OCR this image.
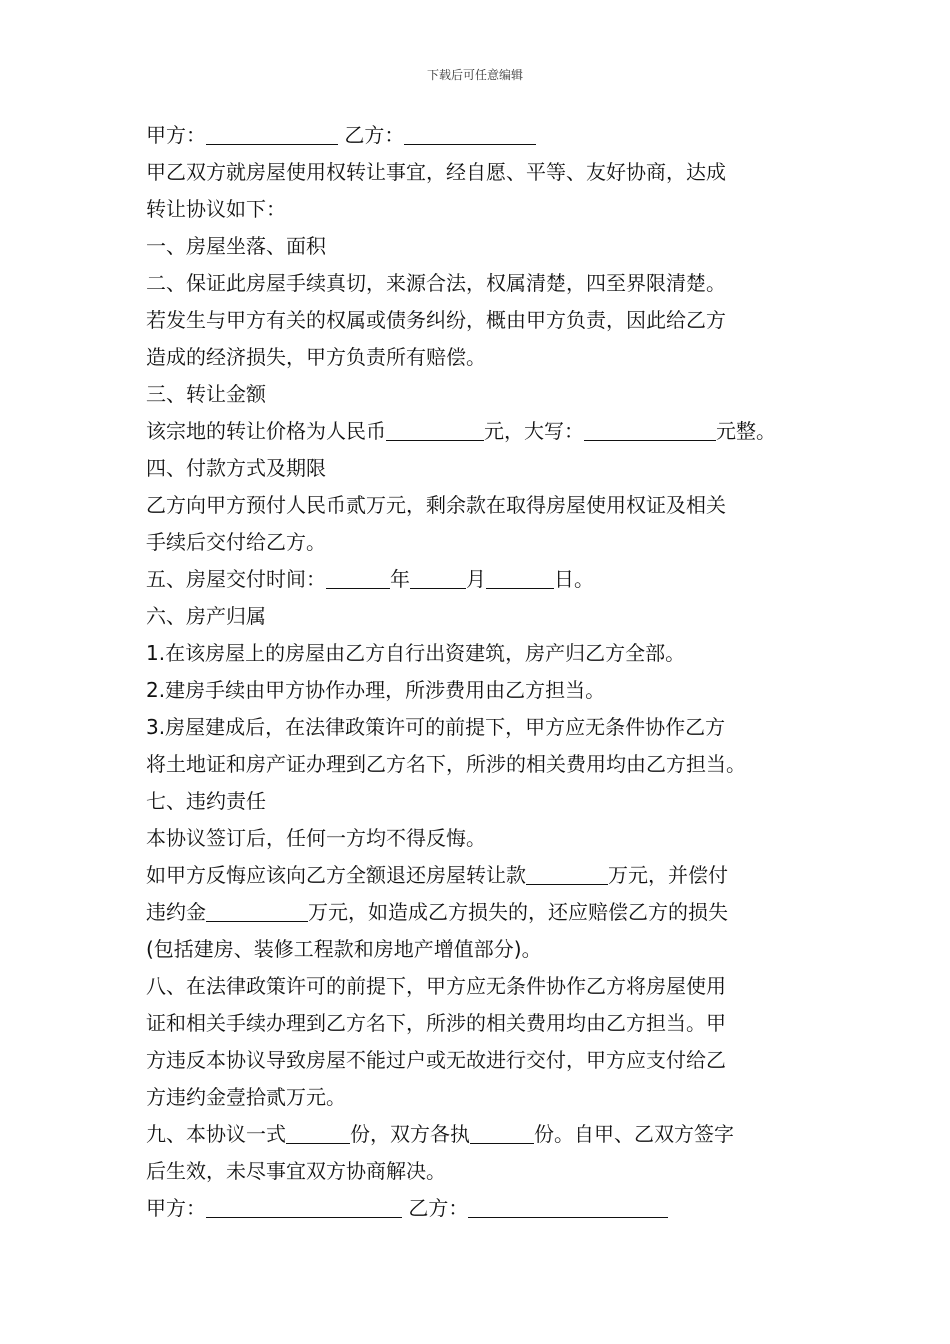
下载后可任意编辑
甲方：	乙方：
甲乙双方就房屋使用权转让事宜，经自愿、平等、友好协商，达成
转让协议如下：
一、房屋坐落、面积
二、保证此房屋手续真切，来源合法，权属清楚，四至界限清楚。
若发生与甲方有关的权属或债务纠纷，概由甲方负责，因此给乙方
造成的经济损失，甲方负责所有赔偿。
三、转让金额
该宗地的转让价格为人民币	元，大写：	元整。
四、付款方式及期限
乙方向甲方预付人民币贰万元，剩余款在取得房屋使用权证及相关
手续后交付给乙方。
五、房屋交付时间：	年	月	日。
六、房产归属
1.在该房屋上的房屋由乙方自行出资建筑，房产归乙方全部。
2.建房手续由甲方协作办理，所涉费用由乙方担当。
3.房屋建成后，在法律政策许可的前提下，甲方应无条件协作乙方
将土地证和房产证办理到乙方名下，所涉的相关费用均由乙方担当。
七、违约责任
本协议签订后，任何一方均不得反悔。
如甲方反悔应该向乙方全额退还房屋转让款	万元，并偿付
违约金	万元，如造成乙方损失的，还应赔偿乙方的损失
(包括建房、装修工程款和房地产增值部分)。
八、在法律政策许可的前提下，甲方应无条件协作乙方将房屋使用
证和相关手续办理到乙方名下，所涉的相关费用均由乙方担当。甲
方违反本协议导致房屋不能过户或无故进行交付，甲方应支付给乙
方违约金壹拾贰万元。
九、本协议一式	份，双方各执	份。自甲、乙双方签字
后生效，未尽事宜双方协商解决。
甲方：	乙方：
